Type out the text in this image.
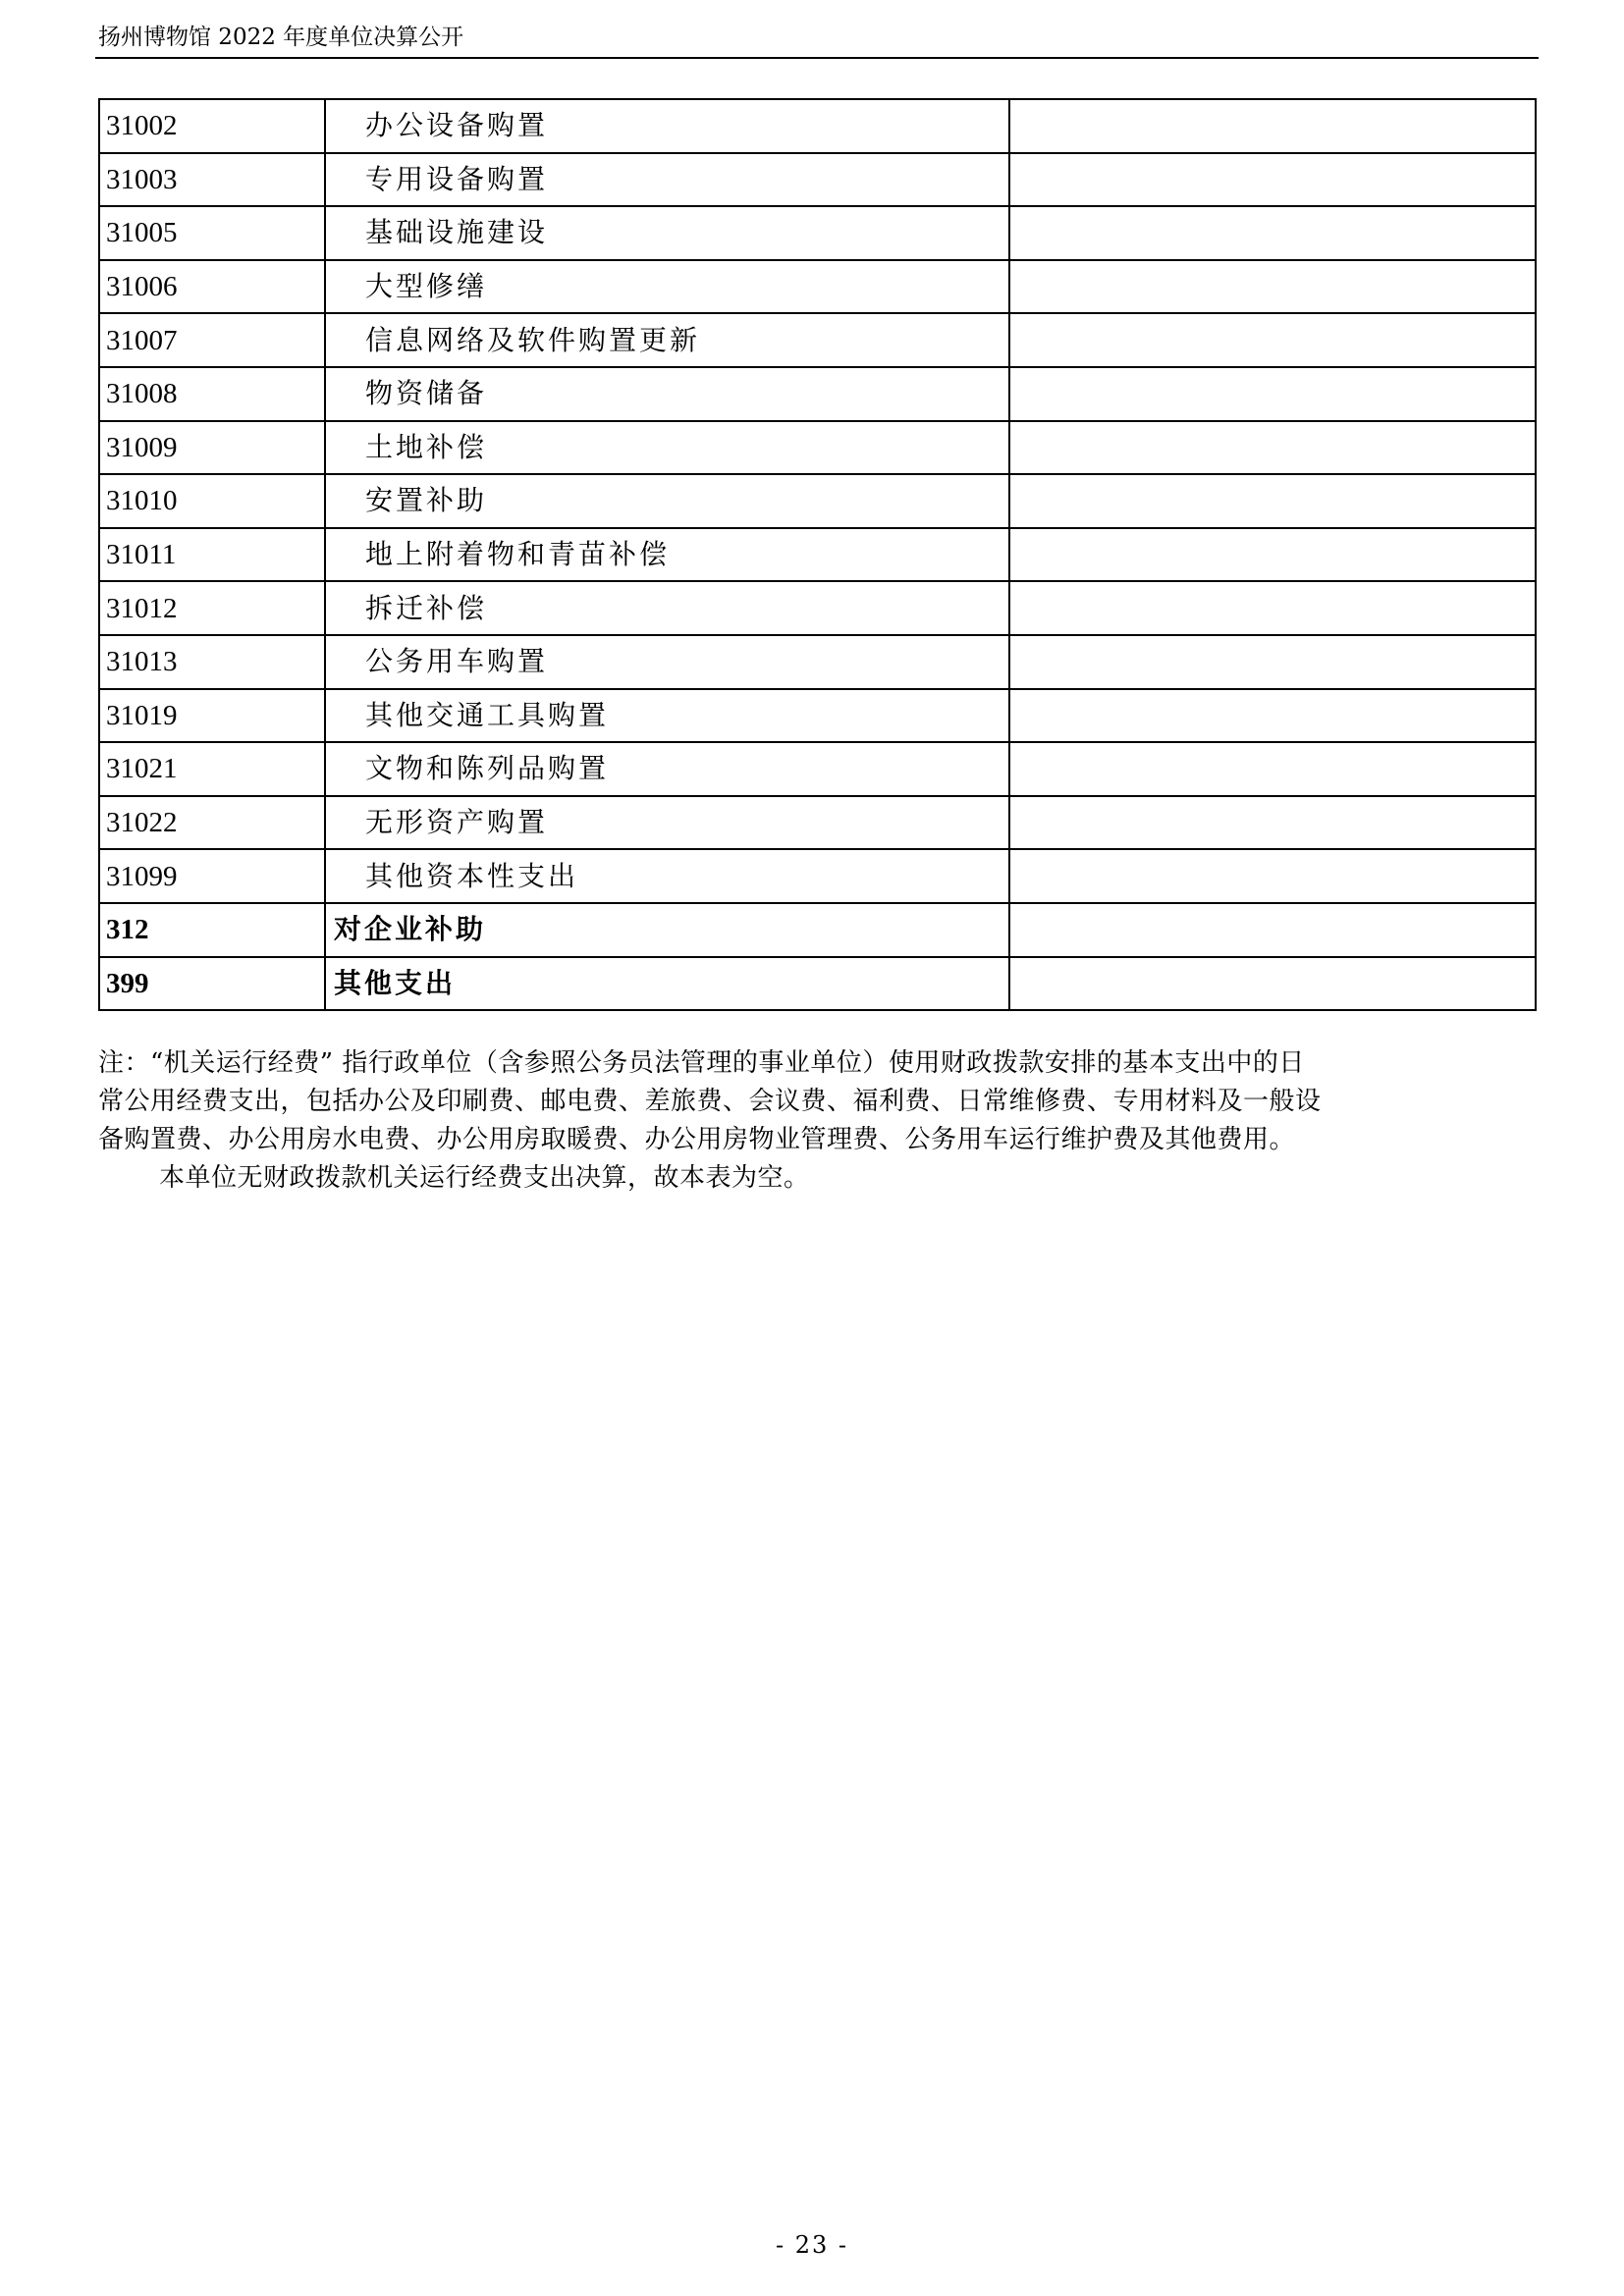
扬州博物馆 2022 年度单位决算公开
31002	办公设备购置	
31003	专用设备购置	
31005	基础设施建设	
31006	大型修缮	
31007	信息网络及软件购置更新	
31008	物资储备	
31009	土地补偿	
31010	安置补助	
31011	地上附着物和青苗补偿	
31012	拆迁补偿	
31013	公务用车购置	
31019	其他交通工具购置	
31021	文物和陈列品购置	
31022	无形资产购置	
31099	其他资本性支出	
312	对企业补助	
399	其他支出	
注：“机关运行经费” 指行政单位（含参照公务员法管理的事业单位）使用财政拨款安排的基本支出中的日
常公用经费支出，包括办公及印刷费、邮电费、差旅费、会议费、福利费、日常维修费、专用材料及一般设
备购置费、办公用房水电费、办公用房取暖费、办公用房物业管理费、公务用车运行维护费及其他费用。
本单位无财政拨款机关运行经费支出决算，故本表为空。
- 23 -
